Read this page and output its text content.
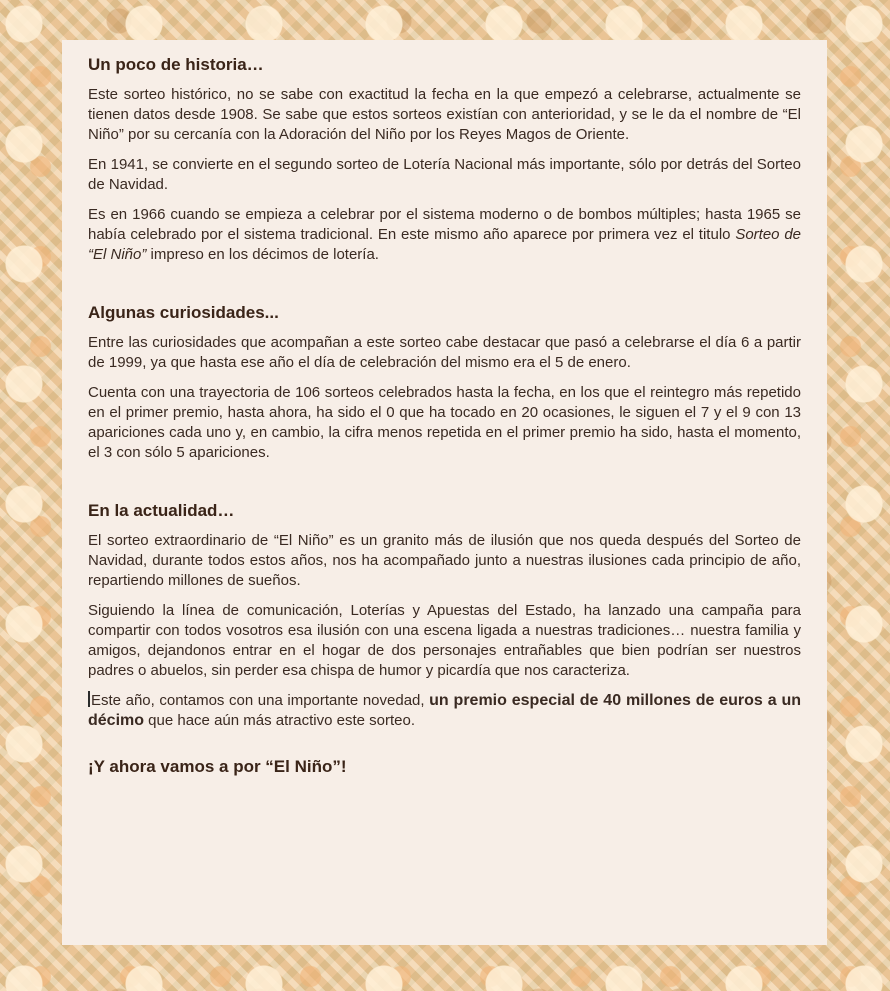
Un poco de historia…

Este sorteo histórico, no se sabe con exactitud la fecha en la que empezó a celebrarse, actualmente se tienen datos desde 1908. Se sabe que estos sorteos existían con anterioridad, y se le da el nombre de “El Niño” por su cercanía con la Adoración del Niño por los Reyes Magos de Oriente.

En 1941, se convierte en el segundo sorteo de Lotería Nacional más importante, sólo por detrás del Sorteo de Navidad.

Es en 1966 cuando se empieza a celebrar por el sistema moderno o de bombos múltiples; hasta 1965 se había celebrado por el sistema tradicional. En este mismo año aparece por primera vez el titulo Sorteo de “El Niño” impreso en los décimos de lotería.

Algunas curiosidades...

Entre las curiosidades que acompañan a este sorteo cabe destacar que pasó a celebrarse el día 6 a partir de 1999, ya que hasta ese año el día de celebración del mismo era el 5 de enero.

Cuenta con una trayectoria de 106 sorteos celebrados hasta la fecha, en los que el reintegro más repetido en el primer premio, hasta ahora, ha sido el 0 que ha tocado en 20 ocasiones, le siguen el 7 y el 9 con 13 apariciones cada uno y, en cambio, la cifra menos repetida en el primer premio ha sido, hasta el momento, el 3 con sólo 5 apariciones.

En la actualidad…

El sorteo extraordinario de “El Niño” es un granito más de ilusión que nos queda después del Sorteo de Navidad, durante todos estos años, nos ha acompañado junto a nuestras ilusiones cada principio de año, repartiendo millones de sueños.

Siguiendo la línea de comunicación, Loterías y Apuestas del Estado, ha lanzado una campaña para compartir con todos vosotros esa ilusión con una escena ligada a nuestras tradiciones… nuestra familia y amigos, dejandonos entrar en el hogar de dos personajes entrañables que bien podrían ser nuestros padres o abuelos, sin perder esa chispa de humor y picardía que nos caracteriza.

Este año, contamos con una importante novedad, un premio especial de 40 millones de euros a un décimo que hace aún más atractivo este sorteo.

¡Y ahora vamos a por “El Niño”!
